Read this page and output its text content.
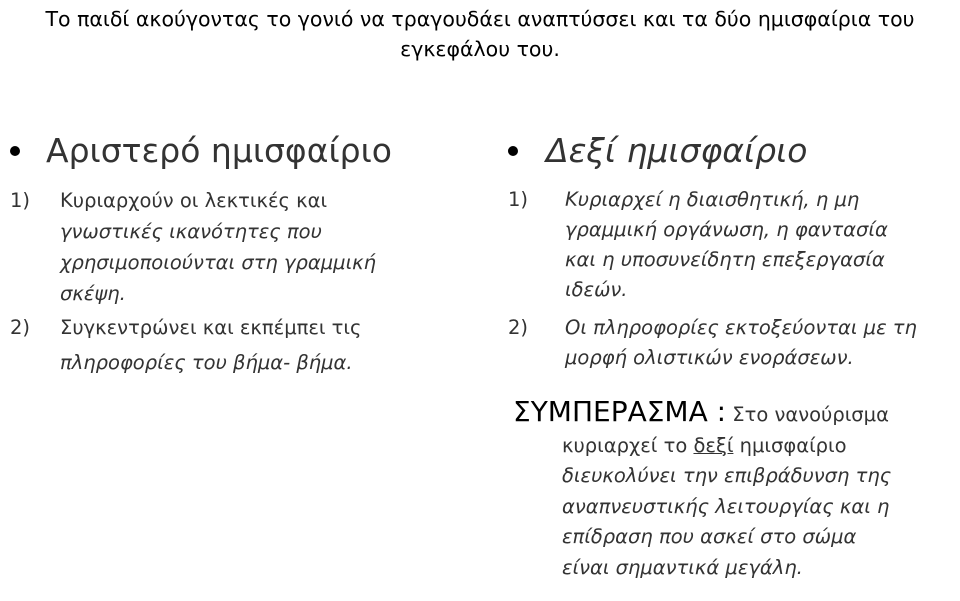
Το παιδί ακούγοντας το γονιό να τραγουδάει αναπτύσσει και τα δύο ημισφαίρια του
εγκεφάλου του.
Αριστερό ημισφαίριο
1)	Κυριαρχούν οι λεκτικές και
γνωστικές ικανότητες που
χρησιμοποιούνται στη γραμμική
σκέψη.
2)	Συγκεντρώνει και εκπέμπει τις
πληροφορίες του βήμα- βήμα.
Δεξί ημισφαίριο
1)	Κυριαρχεί η διαισθητική, η μη
γραμμική οργάνωση, η φαντασία
και η υποσυνείδητη επεξεργασία
ιδεών.
2)	Οι πληροφορίες εκτοξεύονται με τη
μορφή ολιστικών ενοράσεων.
ΣΥΜΠΕΡΑΣΜΑ : Στο νανούρισμα
κυριαρχεί το δεξί ημισφαίριο
διευκολύνει την επιβράδυνση της
αναπνευστικής λειτουργίας και η
επίδραση που ασκεί στο σώμα
είναι σημαντικά μεγάλη.
